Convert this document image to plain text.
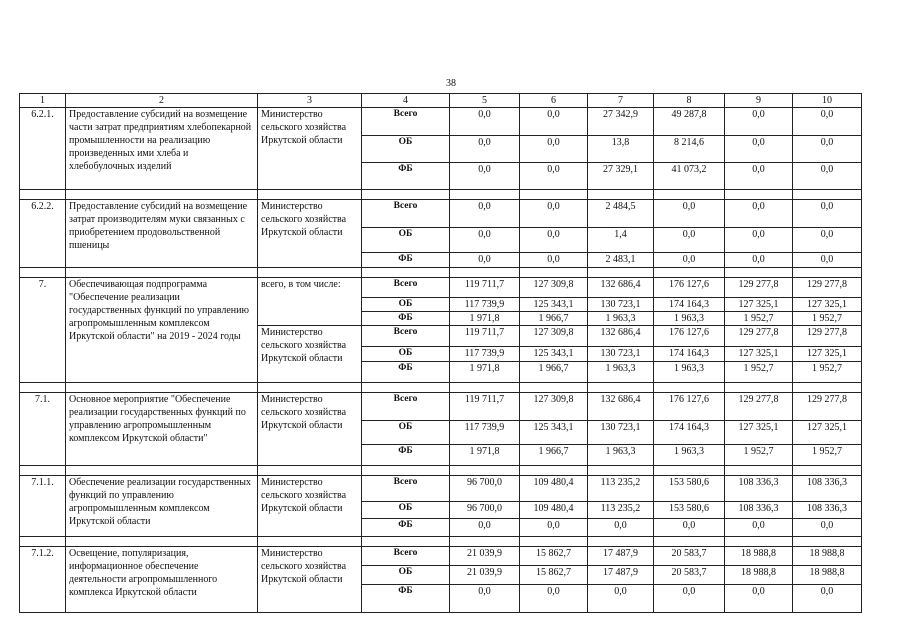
38
1	2	3	4	5	6	7	8	9	10
6.2.1.	Предоставление субсидий на возмещение части затрат предприятиям хлебопекарной промышленности на реализацию произведенных ими хлеба и хлебобулочных изделий	Министерство сельского хозяйства Иркутской области	Всего	0,0	0,0	27 342,9	49 287,8	0,0	0,0
			ОБ	0,0	0,0	13,8	8 214,6	0,0	0,0
			ФБ	0,0	0,0	27 329,1	41 073,2	0,0	0,0

6.2.2.	Предоставление субсидий на возмещение затрат производителям муки связанных с приобретением продовольственной пшеницы	Министерство сельского хозяйства Иркутской области	Всего	0,0	0,0	2 484,5	0,0	0,0	0,0
			ОБ	0,0	0,0	1,4	0,0	0,0	0,0
			ФБ	0,0	0,0	2 483,1	0,0	0,0	0,0

7.	Обеспечивающая подпрограмма "Обеспечение реализации государственных функций по управлению агропромышленным комплексом Иркутской области" на 2019 - 2024 годы	всего, в том числе:	Всего	119 711,7	127 309,8	132 686,4	176 127,6	129 277,8	129 277,8
			ОБ	117 739,9	125 343,1	130 723,1	174 164,3	127 325,1	127 325,1
			ФБ	1 971,8	1 966,7	1 963,3	1 963,3	1 952,7	1 952,7
		Министерство сельского хозяйства Иркутской области	Всего	119 711,7	127 309,8	132 686,4	176 127,6	129 277,8	129 277,8
			ОБ	117 739,9	125 343,1	130 723,1	174 164,3	127 325,1	127 325,1
			ФБ	1 971,8	1 966,7	1 963,3	1 963,3	1 952,7	1 952,7

7.1.	Основное мероприятие "Обеспечение реализации государственных функций по управлению агропромышленным комплексом Иркутской области"	Министерство сельского хозяйства Иркутской области	Всего	119 711,7	127 309,8	132 686,4	176 127,6	129 277,8	129 277,8
			ОБ	117 739,9	125 343,1	130 723,1	174 164,3	127 325,1	127 325,1
			ФБ	1 971,8	1 966,7	1 963,3	1 963,3	1 952,7	1 952,7

7.1.1.	Обеспечение реализации государственных функций по управлению агропромышленным комплексом Иркутской области	Министерство сельского хозяйства Иркутской области	Всего	96 700,0	109 480,4	113 235,2	153 580,6	108 336,3	108 336,3
			ОБ	96 700,0	109 480,4	113 235,2	153 580,6	108 336,3	108 336,3
			ФБ	0,0	0,0	0,0	0,0	0,0	0,0

7.1.2.	Освещение, популяризация, информационное обеспечение деятельности агропромышленного комплекса Иркутской области	Министерство сельского хозяйства Иркутской области	Всего	21 039,9	15 862,7	17 487,9	20 583,7	18 988,8	18 988,8
			ОБ	21 039,9	15 862,7	17 487,9	20 583,7	18 988,8	18 988,8
			ФБ	0,0	0,0	0,0	0,0	0,0	0,0
